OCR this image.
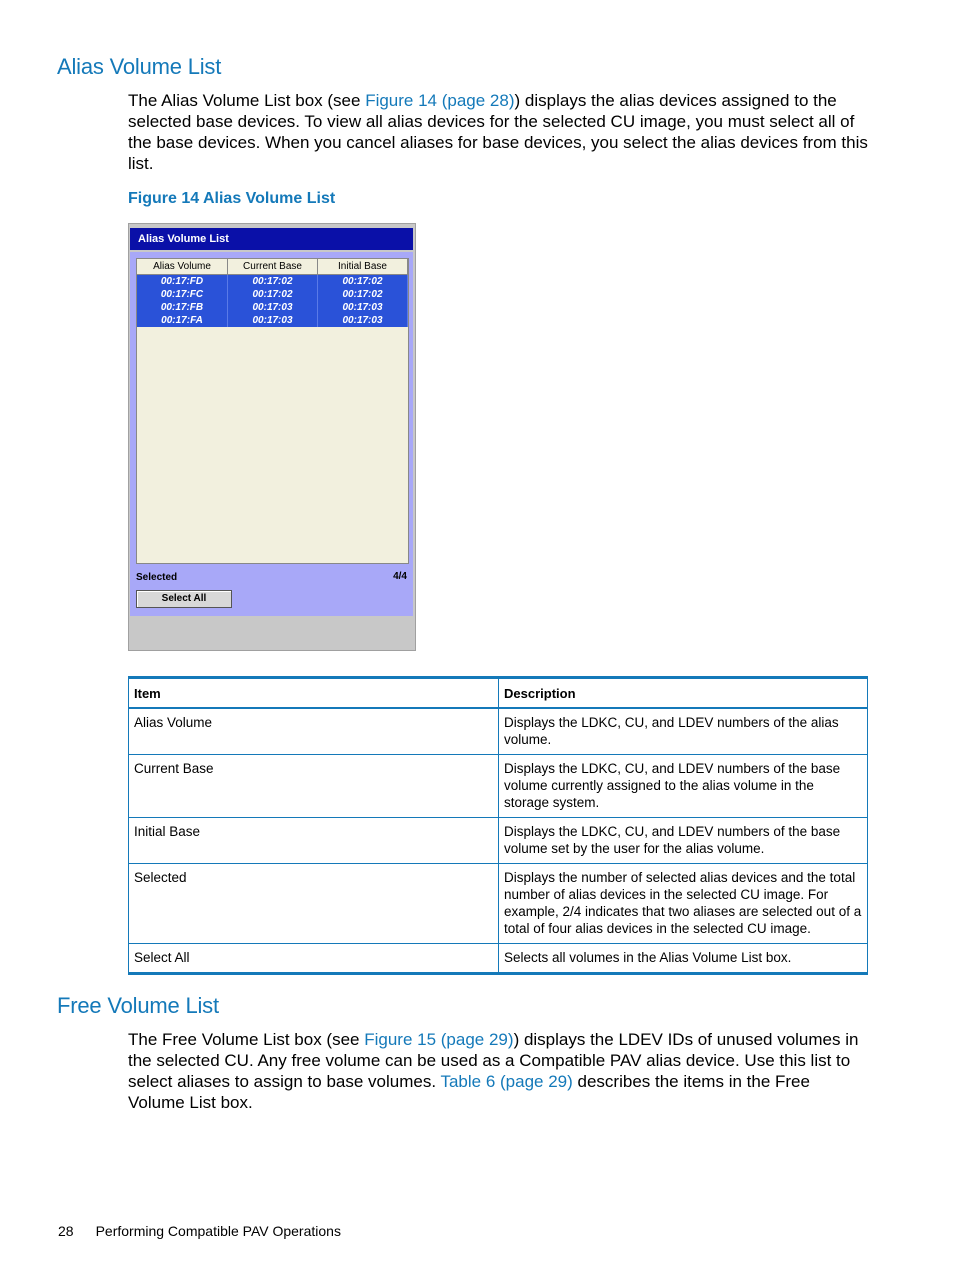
Alias Volume List

The Alias Volume List box (see Figure 14 (page 28)) displays the alias devices assigned to the selected base devices. To view all alias devices for the selected CU image, you must select all of the base devices. When you cancel aliases for base devices, you select the alias devices from this list.

Figure 14 Alias Volume List

Alias Volume List
Alias Volume	Current Base	Initial Base
00:17:FD	00:17:02	00:17:02
00:17:FC	00:17:02	00:17:02
00:17:FB	00:17:03	00:17:03
00:17:FA	00:17:03	00:17:03
Selected	4/4
Select All
Item	Description
Alias Volume	Displays the LDKC, CU, and LDEV numbers of the alias volume.
Current Base	Displays the LDKC, CU, and LDEV numbers of the base volume currently assigned to the alias volume in the storage system.
Initial Base	Displays the LDKC, CU, and LDEV numbers of the base volume set by the user for the alias volume.
Selected	Displays the number of selected alias devices and the total number of alias devices in the selected CU image. For example, 2/4 indicates that two aliases are selected out of a total of four alias devices in the selected CU image.
Select All	Selects all volumes in the Alias Volume List box.
Free Volume List

The Free Volume List box (see Figure 15 (page 29)) displays the LDEV IDs of unused volumes in the selected CU. Any free volume can be used as a Compatible PAV alias device. Use this list to select aliases to assign to base volumes. Table 6 (page 29) describes the items in the Free Volume List box.

28 Performing Compatible PAV Operations
